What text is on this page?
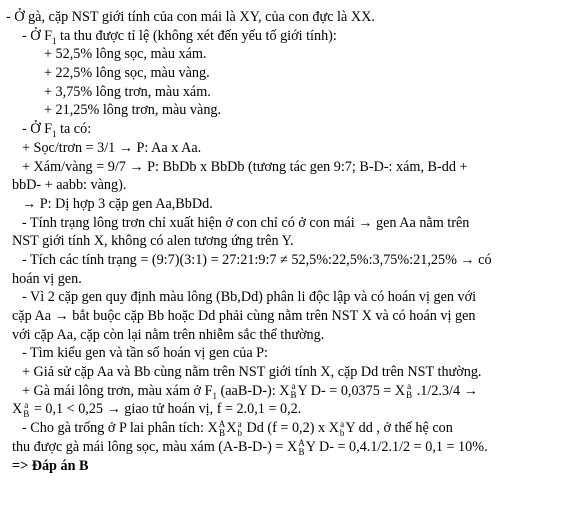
- Ở gà, cặp NST giới tính của con mái là XY, của con đực là XX.
- Ở $F_1$ ta thu được tỉ lệ (không xét đến yếu tố giới tính):
+ 52,5% lông sọc, màu xám.
+ 22,5% lông sọc, màu vàng.
+ 3,75% lông trơn, màu xám.
+ 21,25% lông trơn, màu vàng.
- Ở $F_1$ ta có:
+ Sọc/trơn = 3/1 → P: Aa x Aa.
+ Xám/vàng = 9/7 → P: BbDb x BbDb (tương tác gen 9:7; B-D-: xám, B-dd +
bbD- + aabb: vàng).
→ P: Dị hợp 3 cặp gen Aa,BbDd.
- Tính trạng lông trơn chỉ xuất hiện ở con chỉ có ở con mái → gen Aa nằm trên
NST giới tính X, không có alen tương ứng trên Y.
- Tích các tính trạng = (9:7)(3:1) = 27:21:9:7 ≠ 52,5%:22,5%:3,75%:21,25% → có
hoán vị gen.
- Vì 2 cặp gen quy định màu lông (Bb,Dd) phân li độc lập và có hoán vị gen với
cặp Aa → bắt buộc cặp Bb hoặc Dd phải cùng nằm trên NST X và có hoán vị gen
với cặp Aa, cặp còn lại nằm trên nhiễm sắc thể thường.
- Tìm kiểu gen và tần số hoán vị gen của P:
+ Giả sử cặp Aa và Bb cùng nằm trên NST giới tính X, cặp Dd trên NST thường.
+ Gà mái lông trơn, màu xám ở $F_1$ (aaB-D-): X a
B Y D- = 0,0375 = X a
B .1/2.3/4 →
X a
B = 0,1 < 0,25 → giao tử hoán vị, f = 2.0,1 = 0,2.
- Cho gà trống ở P lai phân tích: X A
B X a
b Dd (f = 0,2) x X a
b Y dd , ở thế hệ con
thu được gà mái lông sọc, màu xám (A-B-D-) = X A
B Y D- = 0,4.1/2.1/2 = 0,1 = 10%.
=> Đáp án B
